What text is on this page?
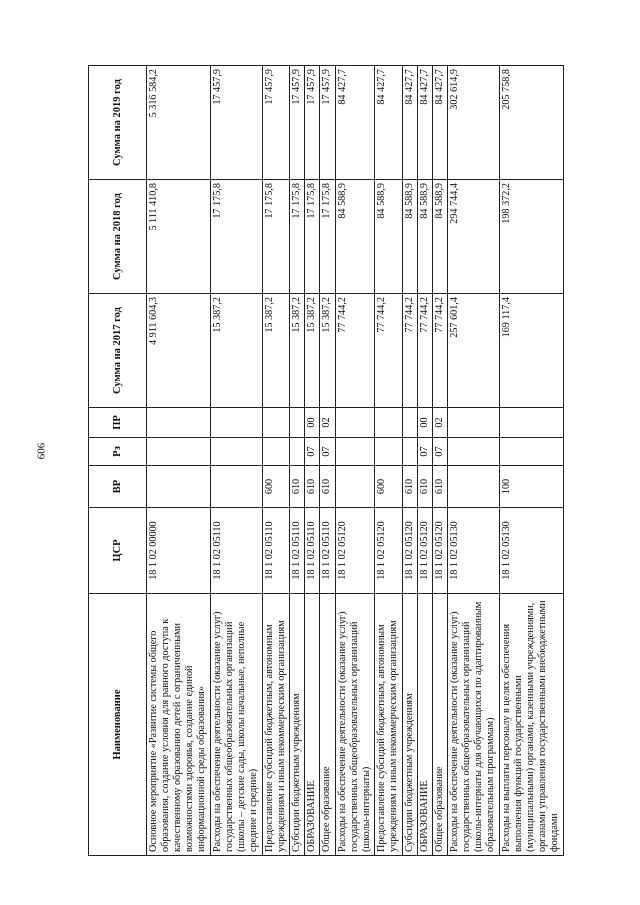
909
Наименование	ЦСР	ВР	Рз	ПР	Сумма на 2017 год	Сумма на 2018 год	Сумма на 2019 год
Основное мероприятие «Развитие системы общего образования, создание условия для равного доступа к качественному образованию детей с ограниченными возможностями здоровья, создание единой информационной среды образования»	18 1 02 00000				4 911 604,3	5 111 410,8	5 316 584,2
Расходы на обеспечение деятельности (оказание услуг) государственных общеобразовательных организаций (школы – детские сады, школы начальные, неполные средние и средние)	18 1 02 05110				15 387,2	17 175,8	17 457,9
Предоставление субсидий бюджетным, автономным учреждениям и иным некоммерческим организациям	18 1 02 05110	600			15 387,2	17 175,8	17 457,9
Субсидии бюджетным учреждениям	18 1 02 05110	610			15 387,2	17 175,8	17 457,9
ОБРАЗОВАНИЕ	18 1 02 05110	610	07	00	15 387,2	17 175,8	17 457,9
Общее образование	18 1 02 05110	610	07	02	15 387,2	17 175,8	17 457,9
Расходы на обеспечение деятельности (оказание услуг) государственных общеобразовательных организаций (школы-интернаты)	18 1 02 05120				77 744,2	84 588,9	84 427,7
Предоставление субсидий бюджетным, автономным учреждениям и иным некоммерческим организациям	18 1 02 05120	600			77 744,2	84 588,9	84 427,7
Субсидии бюджетным учреждениям	18 1 02 05120	610			77 744,2	84 588,9	84 427,7
ОБРАЗОВАНИЕ	18 1 02 05120	610	07	00	77 744,2	84 588,9	84 427,7
Общее образование	18 1 02 05120	610	07	02	77 744,2	84 588,9	84 427,7
Расходы на обеспечение деятельности (оказание услуг) государственных общеобразовательных организаций (школы-интернаты для обучающихся по адаптированным образовательным программам)	18 1 02 05130				257 601,4	294 744,4	302 614,9
Расходы на выплаты персоналу в целях обеспечения выполнения функций государственными (муниципальными) органами, казенными учреждениями, органами управления государственными внебюджетными фондами	18 1 02 05130	100			169 117,4	198 372,2	205 758,8
